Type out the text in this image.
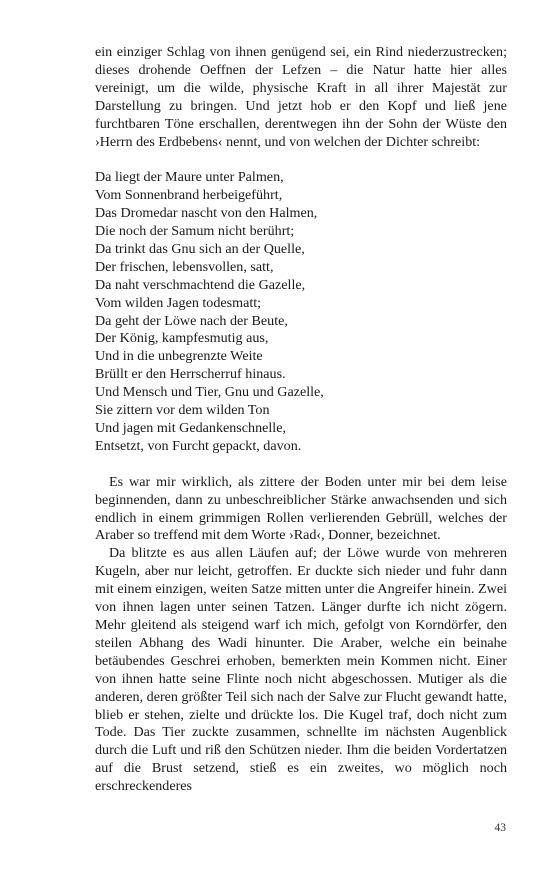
ein einziger Schlag von ihnen genügend sei, ein Rind niederzustrecken; dieses drohende Oeffnen der Lefzen – die Natur hatte hier alles vereinigt, um die wilde, physische Kraft in all ihrer Majestät zur Darstellung zu bringen. Und jetzt hob er den Kopf und ließ jene furchtbaren Töne erschallen, derentwegen ihn der Sohn der Wüste den ›Herrn des Erdbebens‹ nennt, und von welchen der Dichter schreibt:

Da liegt der Maure unter Palmen,
Vom Sonnenbrand herbeigeführt,
Das Dromedar nascht von den Halmen,
Die noch der Samum nicht berührt;
Da trinkt das Gnu sich an der Quelle,
Der frischen, lebensvollen, satt,
Da naht verschmachtend die Gazelle,
Vom wilden Jagen todesmatt;
Da geht der Löwe nach der Beute,
Der König, kampfesmutig aus,
Und in die unbegrenzte Weite
Brüllt er den Herrscherruf hinaus.
Und Mensch und Tier, Gnu und Gazelle,
Sie zittern vor dem wilden Ton
Und jagen mit Gedankenschnelle,
Entsetzt, von Furcht gepackt, davon.

Es war mir wirklich, als zittere der Boden unter mir bei dem leise beginnenden, dann zu unbeschreiblicher Stärke anwachsenden und sich endlich in einem grimmigen Rollen verlierenden Gebrüll, welches der Araber so treffend mit dem Worte ›Rad‹, Donner, bezeichnet.

Da blitzte es aus allen Läufen auf; der Löwe wurde von mehreren Kugeln, aber nur leicht, getroffen. Er duckte sich nieder und fuhr dann mit einem einzigen, weiten Satze mitten unter die Angreifer hinein. Zwei von ihnen lagen unter seinen Tatzen. Länger durfte ich nicht zögern. Mehr gleitend als steigend warf ich mich, gefolgt von Korndörfer, den steilen Abhang des Wadi hinunter. Die Araber, welche ein beinahe betäubendes Geschrei erhoben, bemerkten mein Kommen nicht. Einer von ihnen hatte seine Flinte noch nicht abgeschossen. Mutiger als die anderen, deren größter Teil sich nach der Salve zur Flucht gewandt hatte, blieb er stehen, zielte und drückte los. Die Kugel traf, doch nicht zum Tode. Das Tier zuckte zusammen, schnellte im nächsten Augenblick durch die Luft und riß den Schützen nieder. Ihm die beiden Vordertatzen auf die Brust setzend, stieß es ein zweites, wo möglich noch erschreckenderes

43
